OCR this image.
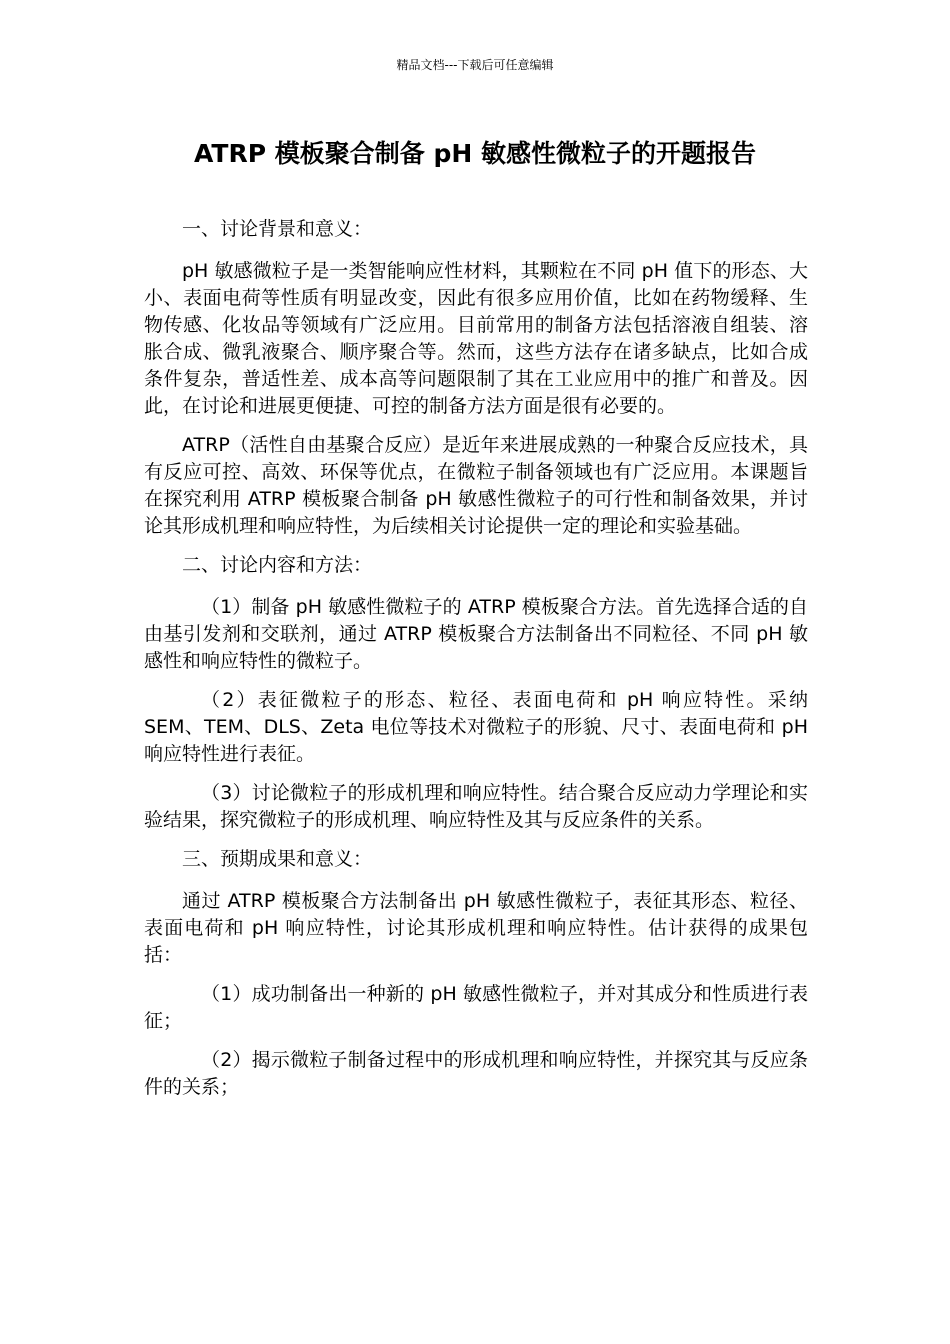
精品文档---下载后可任意编辑
ATRP 模板聚合制备 pH 敏感性微粒子的开题报告

一、讨论背景和意义：

pH 敏感微粒子是一类智能响应性材料，其颗粒在不同 pH 值下的形态、大小、表面电荷等性质有明显改变，因此有很多应用价值，比如在药物缓释、生物传感、化妆品等领域有广泛应用。目前常用的制备方法包括溶液自组装、溶胀合成、微乳液聚合、顺序聚合等。然而，这些方法存在诸多缺点，比如合成条件复杂，普适性差、成本高等问题限制了其在工业应用中的推广和普及。因此，在讨论和进展更便捷、可控的制备方法方面是很有必要的。

ATRP（活性自由基聚合反应）是近年来进展成熟的一种聚合反应技术，具有反应可控、高效、环保等优点，在微粒子制备领域也有广泛应用。本课题旨在探究利用 ATRP 模板聚合制备 pH 敏感性微粒子的可行性和制备效果，并讨论其形成机理和响应特性，为后续相关讨论提供一定的理论和实验基础。

二、讨论内容和方法：

（1）制备 pH 敏感性微粒子的 ATRP 模板聚合方法。首先选择合适的自由基引发剂和交联剂，通过 ATRP 模板聚合方法制备出不同粒径、不同 pH 敏感性和响应特性的微粒子。

（2）表征微粒子的形态、粒径、表面电荷和 pH 响应特性。采纳 SEM、TEM、DLS、Zeta 电位等技术对微粒子的形貌、尺寸、表面电荷和 pH 响应特性进行表征。

（3）讨论微粒子的形成机理和响应特性。结合聚合反应动力学理论和实验结果，探究微粒子的形成机理、响应特性及其与反应条件的关系。

三、预期成果和意义：

通过 ATRP 模板聚合方法制备出 pH 敏感性微粒子，表征其形态、粒径、表面电荷和 pH 响应特性，讨论其形成机理和响应特性。估计获得的成果包括：

（1）成功制备出一种新的 pH 敏感性微粒子，并对其成分和性质进行表征；

（2）揭示微粒子制备过程中的形成机理和响应特性，并探究其与反应条件的关系；
